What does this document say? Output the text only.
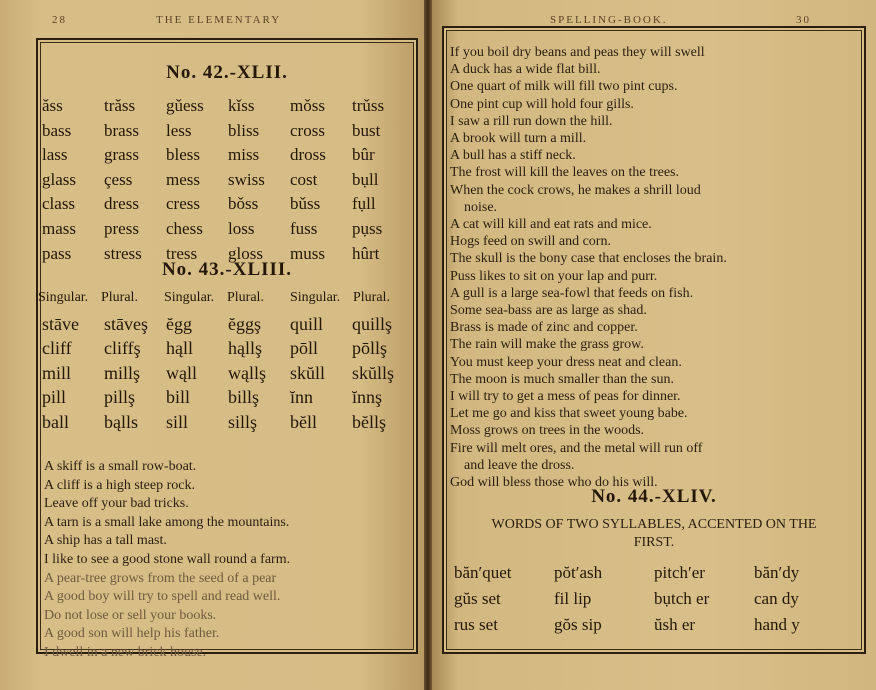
28	THE ELEMENTARY
No. 42.-XLII.
ǎss	trǎss	gǔess	kǐss	mǒss	trǔss
bass	brass	less	bliss	cross	bust
lass	grass	bless	miss	dross	bûr
glass	çess	mess	swiss	cost	bụll
class	dress	cress	bǒss	bǔss	fụll
mass	press	chess	loss	fuss	pụss
pass	stress	tress	gloss	muss	hûrt
No. 43.-XLIII.
Singular. Plural.	Singular. Plural.	Singular. Plural.
stāve	stāveş	ĕgg	ĕggş	quill	quillş
cliff	cliffş	hąll	hąllş	pōll	pōllş
mill	millş	wąll	wąllş	skŭll	skŭllş
pill	pillş	bill	billş	ĭnn	ĭnnş
ball	bąlls	sill	sillş	bĕll	bĕllş
A skiff is a small row-boat.
A cliff is a high steep rock.
Leave off your bad tricks.
A tarn is a small lake among the mountains.
A ship has a tall mast.
I like to see a good stone wall round a farm.
A pear-tree grows from the seed of a pear
A good boy will try to spell and read well.
Do not lose or sell your books.
A good son will help his father.
I dwell in a new brick house.
SPELLING-BOOK.	30
If you boil dry beans and peas they will swell
A duck has a wide flat bill.
One quart of milk will fill two pint cups.
One pint cup will hold four gills.
I saw a rill run down the hill.
A brook will turn a mill.
A bull has a stiff neck.
The frost will kill the leaves on the trees.
When the cock crows, he makes a shrill loud
noise.
A cat will kill and eat rats and mice.
Hogs feed on swill and corn.
The skull is the bony case that encloses the brain.
Puss likes to sit on your lap and purr.
A gull is a large sea-fowl that feeds on fish.
Some sea-bass are as large as shad.
Brass is made of zinc and copper.
The rain will make the grass grow.
You must keep your dress neat and clean.
The moon is much smaller than the sun.
I will try to get a mess of peas for dinner.
Let me go and kiss that sweet young babe.
Moss grows on trees in the woods.
Fire will melt ores, and the metal will run off
and leave the dross.
God will bless those who do his will.
No. 44.-XLIV.
WORDS OF TWO SYLLABLES, ACCENTED ON THE FIRST.
băn′quet	pŏt′ash	pitch′er	băn′dy
gŭs set	fil lip	bụtch er	can dy
rus set	gŏs sip	ŭsh er	hand y
